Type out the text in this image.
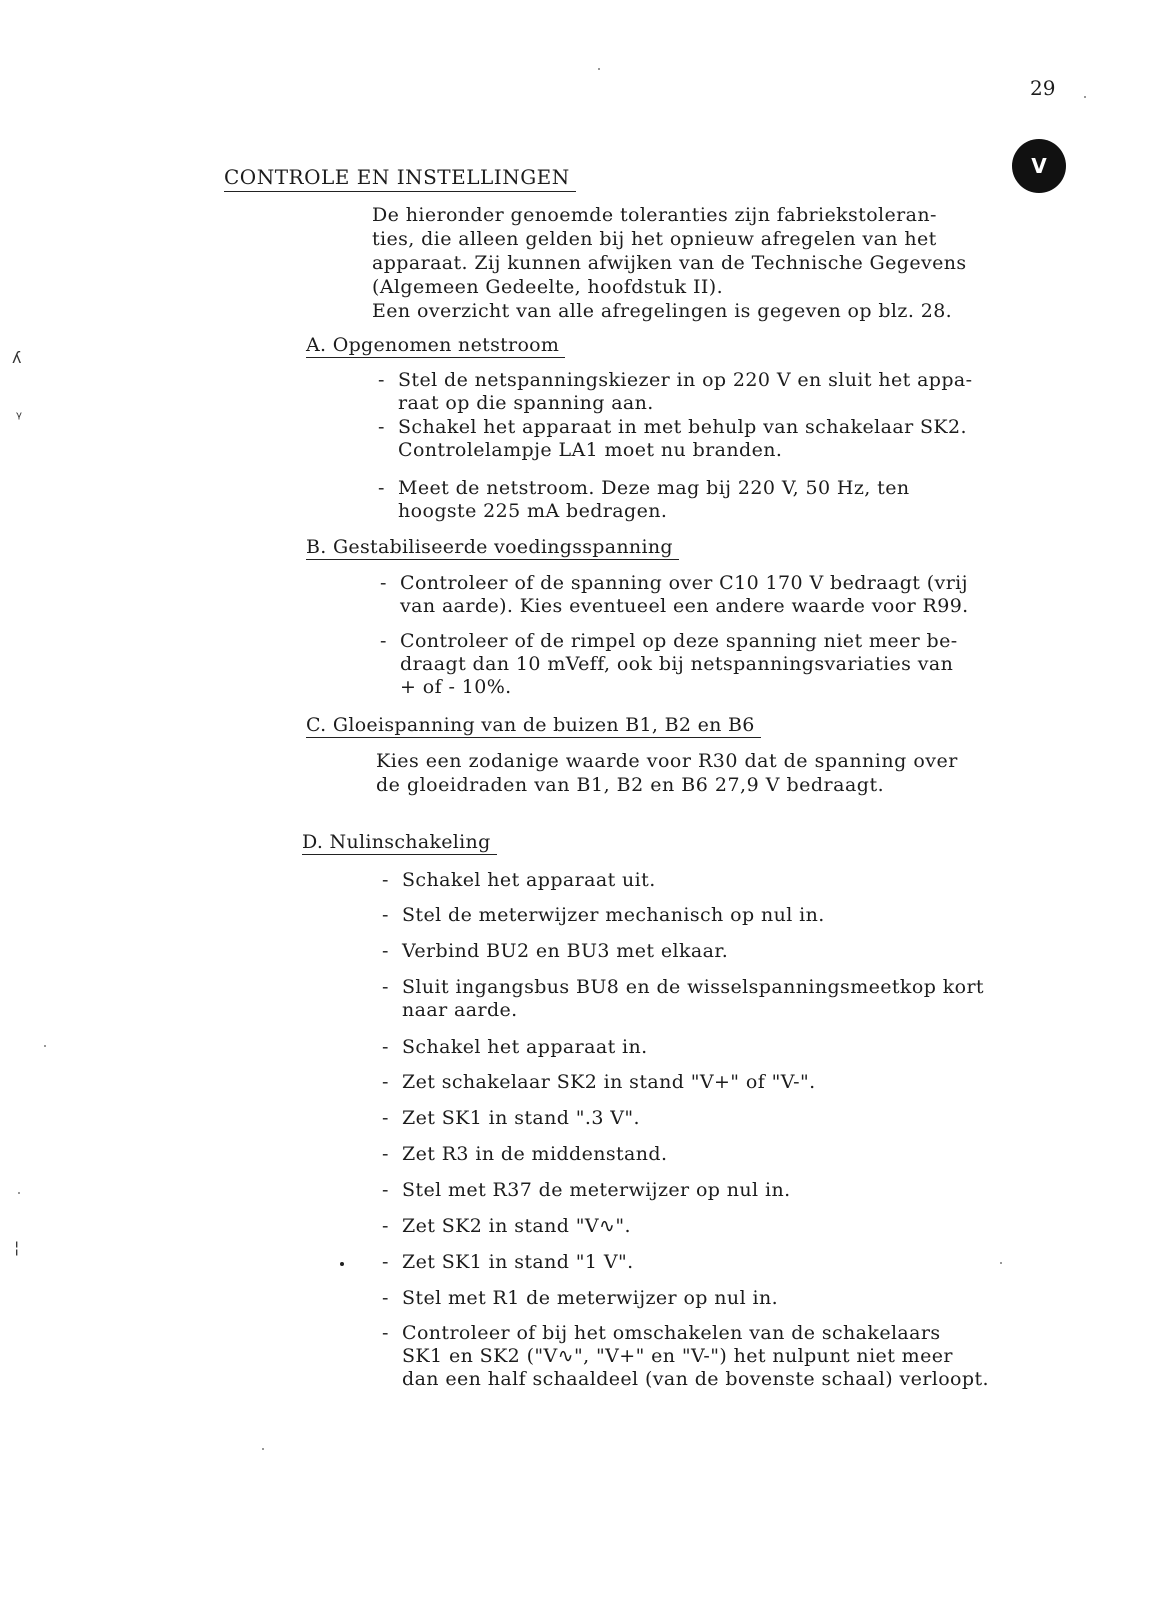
29
V
CONTROLE EN INSTELLINGEN

De hieronder genoemde toleranties zijn fabriekstoleran-

ties, die alleen gelden bij het opnieuw afregelen van het

apparaat. Zij kunnen afwijken van de Technische Gegevens

(Algemeen Gedeelte, hoofdstuk II).

Een overzicht van alle afregelingen is gegeven op blz. 28.

A. Opgenomen netstroom
- Stel de netspanningskiezer in op 220 V en sluit het appa-
raat op die spanning aan.
- Schakel het apparaat in met behulp van schakelaar SK2.
Controlelampje LA1 moet nu branden.
- Meet de netstroom. Deze mag bij 220 V, 50 Hz, ten
hoogste 225 mA bedragen.
B. Gestabiliseerde voedingsspanning
- Controleer of de spanning over C10 170 V bedraagt (vrij
van aarde). Kies eventueel een andere waarde voor R99.
- Controleer of de rimpel op deze spanning niet meer be-
draagt dan 10 mVeff, ook bij netspanningsvariaties van
+ of - 10%.
C. Gloeispanning van de buizen B1, B2 en B6
Kies een zodanige waarde voor R30 dat de spanning over
de gloeidraden van B1, B2 en B6 27,9 V bedraagt.
D. Nulinschakeling
- Schakel het apparaat uit.
- Stel de meterwijzer mechanisch op nul in.
- Verbind BU2 en BU3 met elkaar.
- Sluit ingangsbus BU8 en de wisselspanningsmeetkop kort
naar aarde.
- Schakel het apparaat in.
- Zet schakelaar SK2 in stand "V+" of "V-".
- Zet SK1 in stand ".3 V".
- Zet R3 in de middenstand.
- Stel met R37 de meterwijzer op nul in.
- Zet SK2 in stand "V∿".
- Zet SK1 in stand "1 V".
- Stel met R1 de meterwijzer op nul in.
- Controleer of bij het omschakelen van de schakelaars
SK1 en SK2 ("V∿", "V+" en "V-") het nulpunt niet meer
dan een half schaaldeel (van de bovenste schaal) verloopt.
ʎ
ᵞ
¦
